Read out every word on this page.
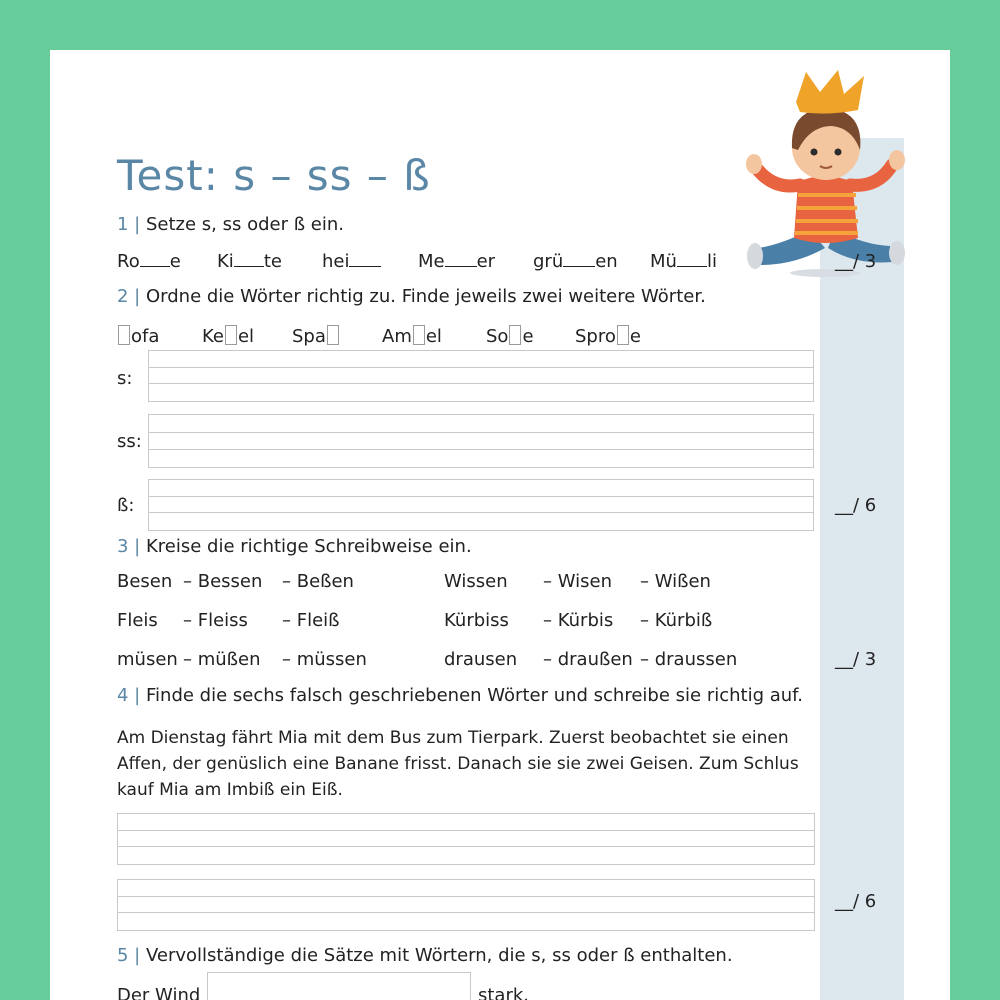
Test: s – ss – ß
1 | Setze s, ss oder ß ein.
Ro e Ki te hei	Me er grü en Mü li	__/ 3
2 | Ordne die Wörter richtig zu. Finde jeweils zwei weitere Wörter.
ofa Ke el Spa	Am el So e Spro e
s:
ss:
ß:	__/ 6
3 | Kreise die richtige Schreibweise ein.
Besen – Bessen – Beßen	Wissen – Wisen – Wißen
Fleis – Fleiss – Fleiß	Kürbiss – Kürbis – Kürbiß
müsen – müßen – müssen	drausen – draußen – draussen	__/ 3
4 | Finde die sechs falsch geschriebenen Wörter und schreibe sie richtig auf.
Am Dienstag fährt Mia mit dem Bus zum Tierpark. Zuerst beobachtet sie einen
Affen, der genüslich eine Banane frisst. Danach sie sie zwei Geisen. Zum Schlus
kauf Mia am Imbiß ein Eiß.
__/ 6
5 | Vervollständige die Sätze mit Wörtern, die s, ss oder ß enthalten.
Der Wind	stark.
